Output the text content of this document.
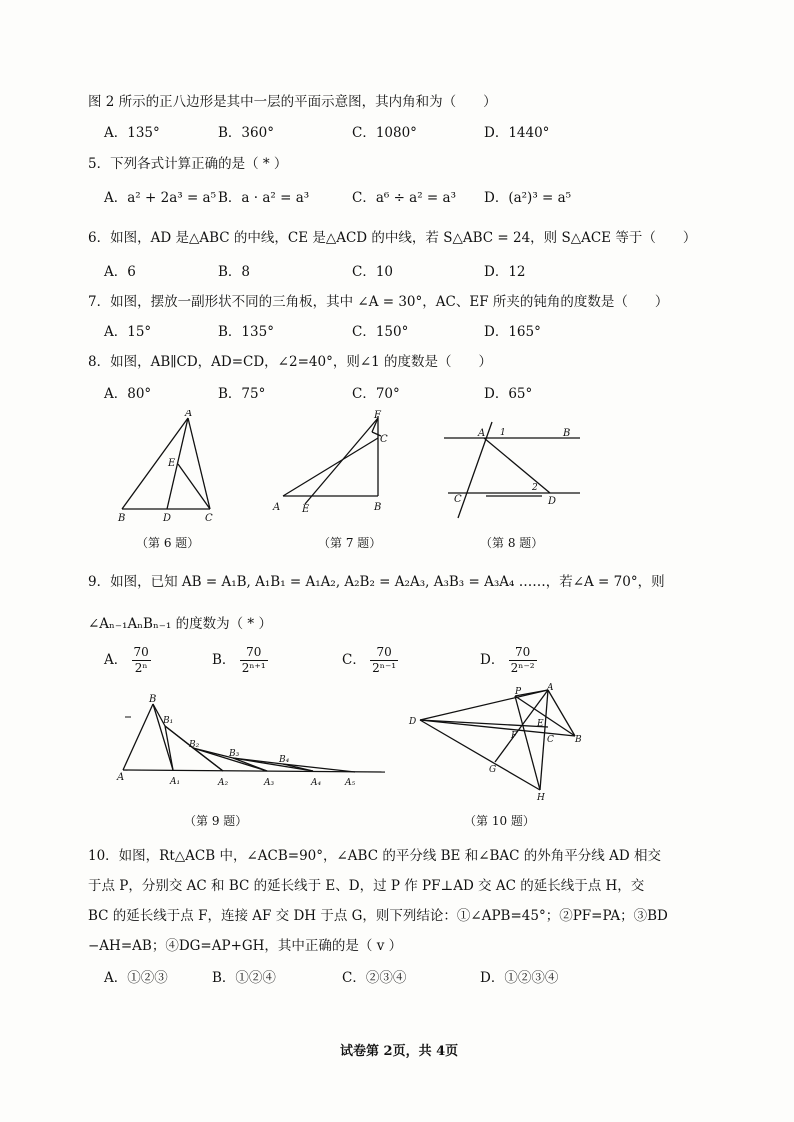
图 2 所示的正八边形是其中一层的平面示意图，其内角和为（　　）
A．135°	B．360°	C．1080°	D．1440°
5．下列各式计算正确的是（ * ）
A．a² + 2a³ = a⁵ B．a · a² = a³	C．a⁶ ÷ a² = a³ D．(a²)³ = a⁵
6．如图，AD 是△ABC 的中线，CE 是△ACD 的中线，若 S△ABC = 24，则 S△ACE 等于（　　）
A．6	B．8	C．10	D．12
7．如图，摆放一副形状不同的三角板，其中 ∠A = 30°，AC、EF 所夹的钝角的度数是（　　）
A．15°	B．135°	C．150°	D．165°
8．如图，AB∥CD，AD=CD，∠2=40°，则∠1 的度数是（　　）
A．80°	B．75°	C．70°	D．65°
A
E
B	D	C
（第 6 题）
F
C
A E	B
（第 7 题）
A 1	B
2
C	D
（第 8 题）
9．如图，已知 AB = A₁B, A₁B₁ = A₁A₂, A₂B₂ = A₂A₃, A₃B₃ = A₃A₄ ……，若∠A = 70°，则
∠Aₙ₋₁AₙBₙ₋₁ 的度数为（ * ）
A． $\frac{70}{\text{2ⁿ}}$	B． $\frac{70}{\text{2ⁿ⁺¹}}$	C． $\frac{70}{\text{2ⁿ⁻¹}}$	D． $\frac{70}{\text{2ⁿ⁻²}}$
B
B₁
B₂
B₃
B₄
A	A₁	A₂	A₃	A₄	A₅
（第 9 题）
P	A
D	E
C B
G
H
F
（第 10 题）
10．如图，Rt△ACB 中，∠ACB=90°，∠ABC 的平分线 BE 和∠BAC 的外角平分线 AD 相交
于点 P，分别交 AC 和 BC 的延长线于 E、D，过 P 作 PF⊥AD 交 AC 的延长线于点 H，交
BC 的延长线于点 F，连接 AF 交 DH 于点 G，则下列结论：①∠APB=45°；②PF=PA；③BD
−AH=AB；④DG=AP+GH，其中正确的是（ v ）
A．①②③	B．①②④	C．②③④	D．①②③④
试卷第 2页，共 4页
